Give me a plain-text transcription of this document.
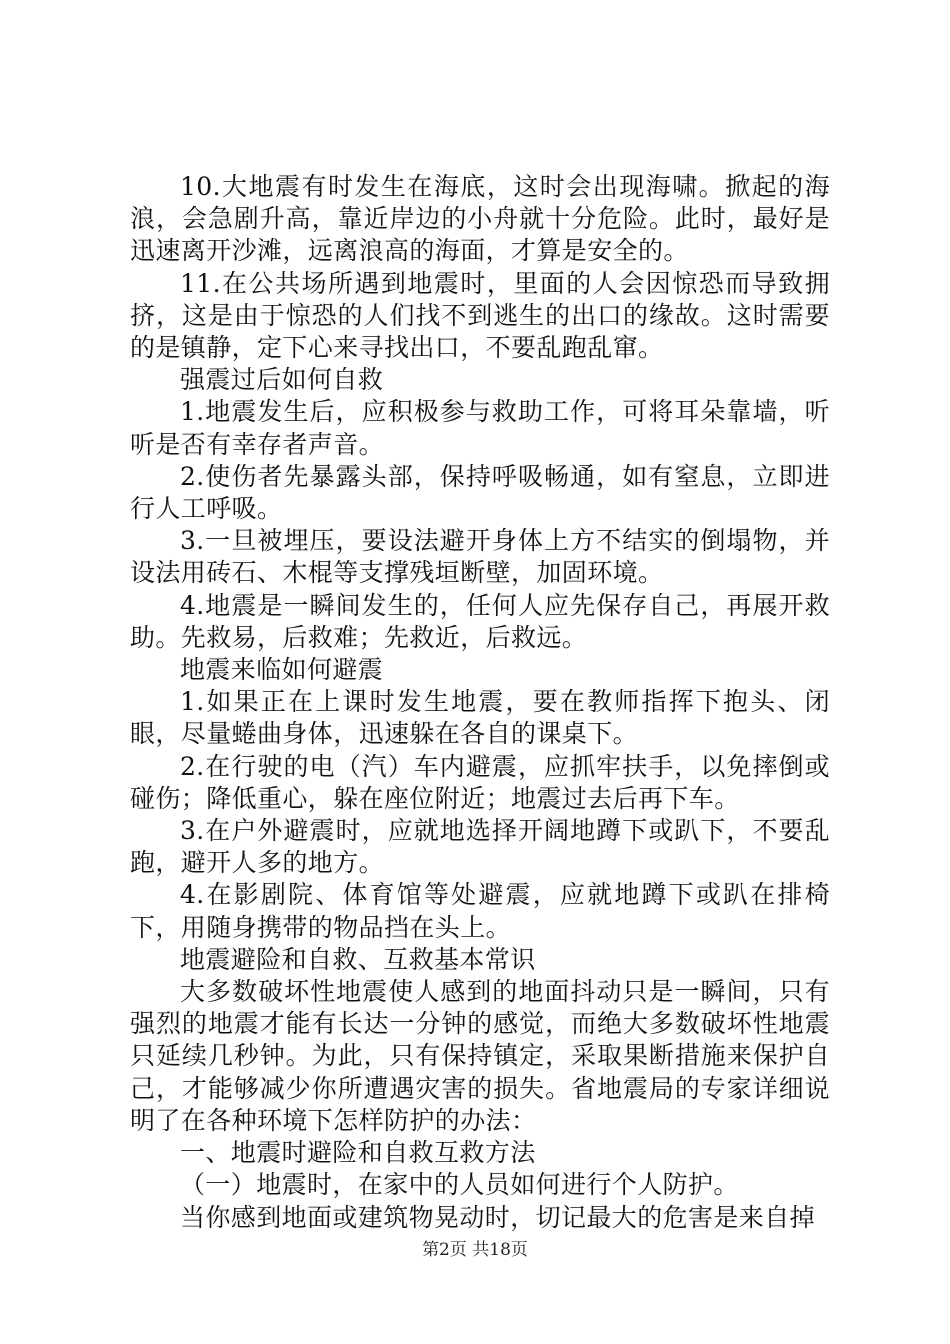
10.大地震有时发生在海底，这时会出现海啸。掀起的海浪，会急剧升高，靠近岸边的小舟就十分危险。此时，最好是迅速离开沙滩，远离浪高的海面，才算是安全的。

11.在公共场所遇到地震时，里面的人会因惊恐而导致拥挤，这是由于惊恐的人们找不到逃生的出口的缘故。这时需要的是镇静，定下心来寻找出口，不要乱跑乱窜。

强震过后如何自救

1.地震发生后，应积极参与救助工作，可将耳朵靠墙，听听是否有幸存者声音。

2.使伤者先暴露头部，保持呼吸畅通，如有窒息，立即进行人工呼吸。

3.一旦被埋压，要设法避开身体上方不结实的倒塌物，并设法用砖石、木棍等支撑残垣断壁，加固环境。

4.地震是一瞬间发生的，任何人应先保存自己，再展开救助。先救易，后救难；先救近，后救远。

地震来临如何避震

1.如果正在上课时发生地震，要在教师指挥下抱头、闭眼，尽量蜷曲身体，迅速躲在各自的课桌下。

2.在行驶的电（汽）车内避震，应抓牢扶手，以免摔倒或碰伤；降低重心，躲在座位附近；地震过去后再下车。

3.在户外避震时，应就地选择开阔地蹲下或趴下，不要乱跑，避开人多的地方。

4.在影剧院、体育馆等处避震，应就地蹲下或趴在排椅下，用随身携带的物品挡在头上。

地震避险和自救、互救基本常识

大多数破坏性地震使人感到的地面抖动只是一瞬间，只有强烈的地震才能有长达一分钟的感觉，而绝大多数破坏性地震只延续几秒钟。为此，只有保持镇定，采取果断措施来保护自己，才能够减少你所遭遇灾害的损失。省地震局的专家详细说明了在各种环境下怎样防护的办法：

一、地震时避险和自救互救方法

（一）地震时，在家中的人员如何进行个人防护。

当你感到地面或建筑物晃动时，切记最大的危害是来自掉

第2页 共18页
